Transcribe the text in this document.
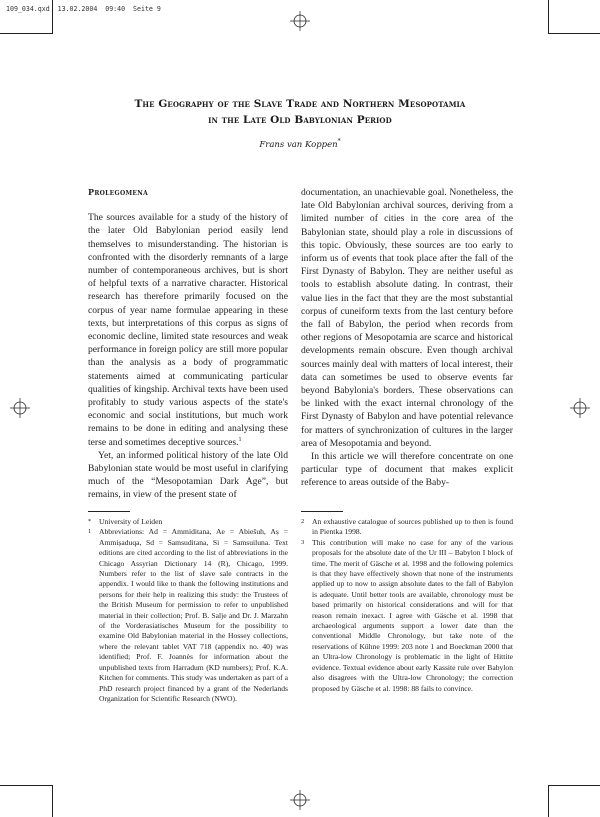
109_034.qxd  13.02.2004  09:40  Seite 9
The Geography of the Slave Trade and Northern Mesopotamia
in the Late Old Babylonian Period
Frans van Koppen*
Prolegomena

The sources available for a study of the history of the later Old Babylonian period easily lend themselves to misunderstanding. The historian is confronted with the disorderly remnants of a large number of contemporaneous archives, but is short of helpful texts of a narrative character. Historical research has therefore primarily focused on the corpus of year name formulae appearing in these texts, but interpretations of this corpus as signs of economic decline, limited state resources and weak performance in foreign policy are still more popular than the analysis as a body of programmatic statements aimed at communicating particular qualities of kingship. Archival texts have been used profitably to study various aspects of the state's economic and social institutions, but much work remains to be done in editing and analysing these terse and sometimes deceptive sources.$^1$

Yet, an informed political history of the late Old Babylonian state would be most useful in clarifying much of the “Mesopotamian Dark Age”, but remains, in view of the present state of

documentation, an unachievable goal. Nonetheless, the late Old Babylonian archival sources, deriving from a limited number of cities in the core area of the Babylonian state, should play a role in discussions of this topic. Obviously, these sources are too early to inform us of events that took place after the fall of the First Dynasty of Babylon. They are neither useful as tools to establish absolute dating. In contrast, their value lies in the fact that they are the most substantial corpus of cuneiform texts from the last century before the fall of Babylon, the period when records from other regions of Mesopotamia are scarce and historical developments remain obscure. Even though archival sources mainly deal with matters of local interest, their data can sometimes be used to observe events far beyond Babylonia's borders. These observations can be linked with the exact internal chronology of the First Dynasty of Babylon and have potential relevance for matters of synchronization of cultures in the larger area of Mesopotamia and beyond.

In this article we will therefore concentrate on one particular type of document that makes explicit reference to areas outside of the Baby-

* University of Leiden
1 Abbreviations: Ad = Ammiditana, Ae = Abiešuh, Aṣ = Ammiṣaduqa, Sd = Samsuditana, Si = Samsuiluna. Text editions are cited according to the list of abbreviations in the Chicago Assyrian Dictionary 14 (R), Chicago, 1999. Numbers refer to the list of slave sale contracts in the appendix. I would like to thank the following institutions and persons for their help in realizing this study: the Trustees of the British Museum for permission to refer to unpublished material in their collection; Prof. B. Salje and Dr. J. Marzahn of the Vorderasiatisches Museum for the possibility to examine Old Babylonian material in the Hossey collections, where the relevant tablet VAT 718 (appendix no. 40) was identified; Prof. F. Joannès for information about the unpublished texts from Harradum (KD numbers); Prof. K.A. Kitchen for comments. This study was undertaken as part of a PhD research project financed by a grant of the Nederlands Organization for Scientific Research (NWO).
2 An exhaustive catalogue of sources published up to then is found in Pientka 1998.
3 This contribution will make no case for any of the various proposals for the absolute date of the Ur III – Babylon I block of time. The merit of Gäsche et al. 1998 and the following polemics is that they have effectively shown that none of the instruments applied up to now to assign absolute dates to the fall of Babylon is adequate. Until better tools are available, chronology must be based primarily on historical considerations and will for that reason remain inexact. I agree with Gäsche et al. 1998 that archaeological arguments support a lower date than the conventional Middle Chronology, but take note of the reservations of Kühne 1999: 203 note 1 and Boeckman 2000 that an Ultra-low Chronology is problematic in the light of Hittite evidence. Textual evidence about early Kassite rule over Babylon also disagrees with the Ultra-low Chronology; the correction proposed by Gäsche et al. 1998: 88 fails to convince.
